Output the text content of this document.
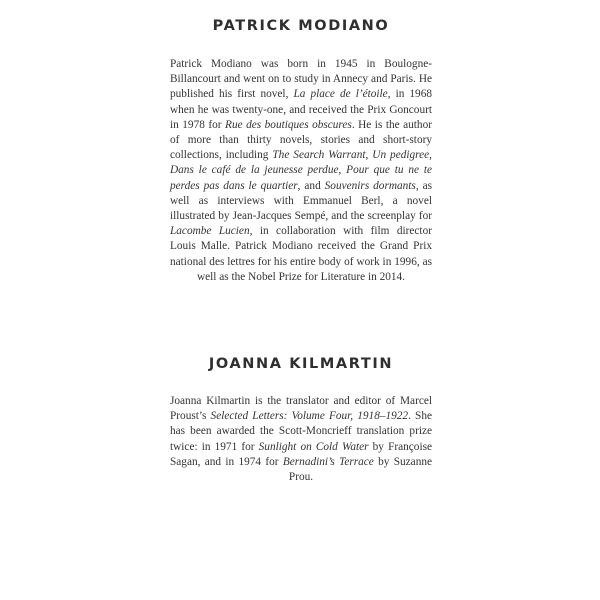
PATRICK MODIANO

Patrick Modiano was born in 1945 in Boulogne-Billancourt and went on to study in Annecy and Paris. He published his first novel, La place de l’étoile, in 1968 when he was twenty-one, and received the Prix Goncourt in 1978 for Rue des boutiques obscures. He is the author of more than thirty novels, stories and short-story collections, including The Search Warrant, Un pedigree, Dans le café de la jeunesse perdue, Pour que tu ne te perdes pas dans le quartier, and Souvenirs dormants, as well as interviews with Emmanuel Berl, a novel illustrated by Jean-Jacques Sempé, and the screenplay for Lacombe Lucien, in collaboration with film director Louis Malle. Patrick Modiano received the Grand Prix national des lettres for his entire body of work in 1996, as well as the Nobel Prize for Literature in 2014.

JOANNA KILMARTIN

Joanna Kilmartin is the translator and editor of Marcel Proust’s Selected Letters: Volume Four, 1918–1922. She has been awarded the Scott-Moncrieff translation prize twice: in 1971 for Sunlight on Cold Water by Françoise Sagan, and in 1974 for Bernadini’s Terrace by Suzanne Prou.
